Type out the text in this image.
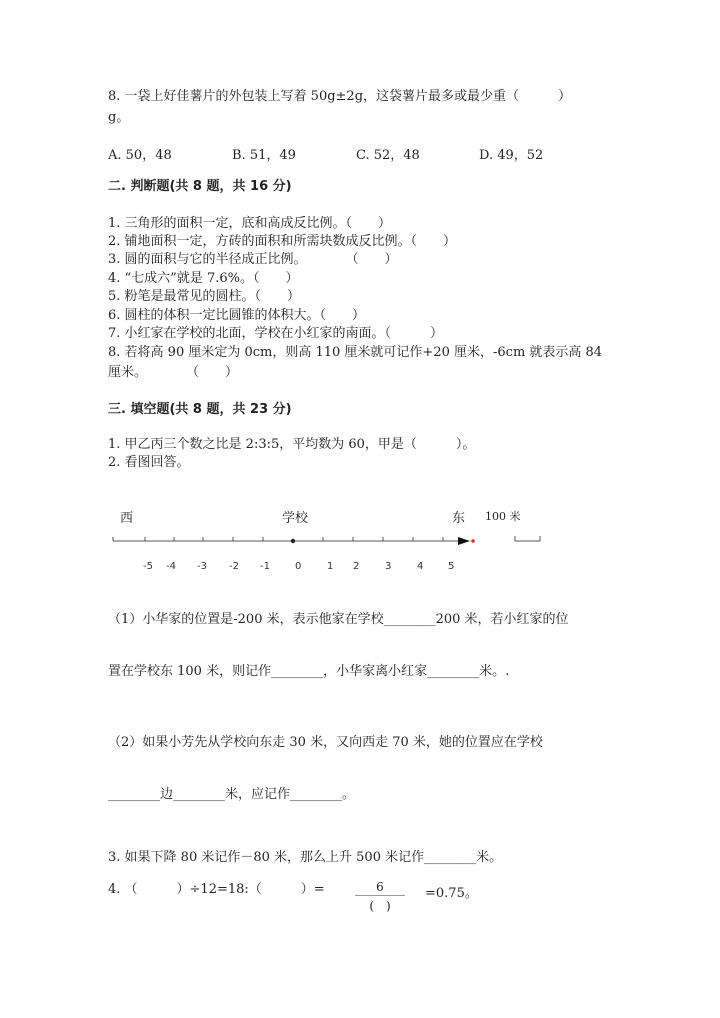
8. 一袋上好佳薯片的外包装上写着 50g±2g，这袋薯片最多或最少重（　　　）
g。
A. 50，48	B. 51，49	C. 52，48	D. 49，52
二. 判断题(共 8 题，共 16 分)
1. 三角形的面积一定，底和高成反比例。（　　）
2. 铺地面积一定，方砖的面积和所需块数成反比例。（　　）
3. 圆的面积与它的半径成正比例。　　　　（　　）
4. “七成六”就是 7.6%。（　　）
5. 粉笔是最常见的圆柱。（　　）
6. 圆柱的体积一定比圆锥的体积大。（　　）
7. 小红家在学校的北面，学校在小红家的南面。（　　　）
8. 若将高 90 厘米定为 0cm，则高 110 厘米就可记作+20 厘米，-6cm 就表示高 84
厘米。　　　　（　　）
三. 填空题(共 8 题，共 23 分)
1. 甲乙丙三个数之比是 2:3:5，平均数为 60，甲是（　　　）。
2. 看图回答。
西	学校	东 100 米
-5 -4 -3 -2 -1	0	1 2	3	4 5
（1）小华家的位置是-200 米，表示他家在学校________200 米，若小红家的位
置在学校东 100 米，则记作________，小华家离小红家________米。.
（2）如果小芳先从学校向东走 30 米，又向西走 70 米，她的位置应在学校
________边________米，应记作________。
3. 如果下降 80 米记作－80 米，那么上升 500 米记作________米。
4. （　　　）÷12=18:（　　　）=	6
(　)
=0.75。
